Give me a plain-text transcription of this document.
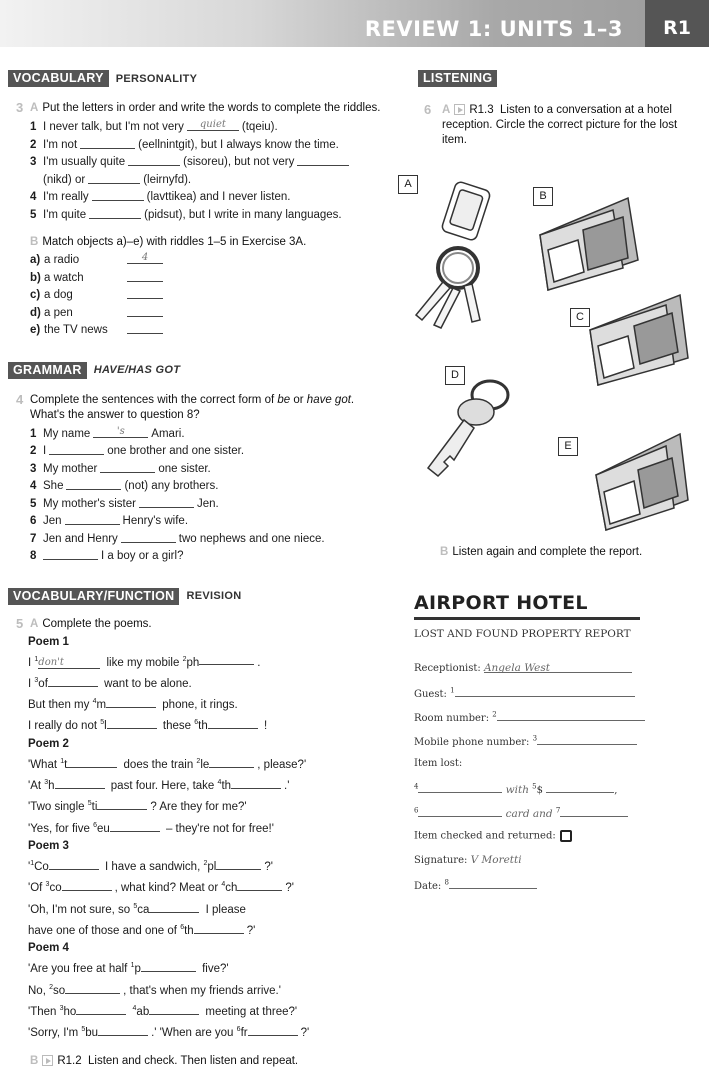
REVIEW 1: UNITS 1–3	R1
VOCABULARY	PERSONALITY
3 A Put the letters in order and write the words to complete the riddles.
1 I never talk, but I'm not very	quiet	(tqeiu).
2 I'm not	(eellnintgit), but I always know the time.
3 I'm usually quite	(sisoreu), but not very
(nikd) or	(leirnyfd).
4 I'm really	(lavttikea) and I never listen.
5 I'm quite	(pidsut), but I write in many languages.
B Match objects a)–e) with riddles 1–5 in Exercise 3A.
a) a radio	4
b) a watch
c) a dog
d) a pen
e) the TV news
GRAMMAR	HAVE/HAS GOT
4 Complete the sentences with the correct form of be or have got. What's the answer to question 8?
1 My name	's	Amari.
2 I	one brother and one sister.
3 My mother	one sister.
4 She	(not) any brothers.
5 My mother's sister	Jen.
6 Jen	Henry's wife.
7 Jen and Henry	two nephews and one niece.
8	I a boy or a girl?
VOCABULARY/FUNCTION	REVISION
5 A Complete the poems.
Poem 1
I $^1$don't	like my mobile $^2$ph	.
I $^3$of	want to be alone.
But then my $^4$m	phone, it rings.
I really do not $^5$l	these $^6$th	!
Poem 2
'What $^1$t	does the train $^2$le	, please?'
'At $^3$h	past four. Here, take $^4$th	.'
'Two single $^5$ti	? Are they for me?'
'Yes, for five $^6$eu	– they're not for free!'
Poem 3
'$^1Co$	I have a sandwich, $^2$pl	?'
'Of $^3$co	, what kind? Meat or $^4$ch	?'
'Oh, I'm not sure, so $^5$ca	I please
have one of those and one of $^6$th	?'
Poem 4
'Are you free at half $^1$p	five?'
No, $^2$so	, that's when my friends arrive.'
'Then $^3$ho	$^4$ab	meeting at three?'
'Sorry, I'm $^5$bu	.' 'When are you $^6$fr	?'
B R1.2 Listen and check. Then listen and repeat.
LISTENING
6 A R1.3 Listen to a conversation at a hotel reception. Circle the correct picture for the lost item.
A
B
C
D
E
B Listen again and complete the report.
AIRPORT HOTEL
LOST AND FOUND PROPERTY REPORT
Receptionist: Angela West
Guest: $^1$
Room number: $^2$
Mobile phone number: $^3$
Item lost:
$^4$	with $^5$\$	,
$^6$	card and $^7$
Item checked and returned:
Signature: V Moretti
Date: $^8$
